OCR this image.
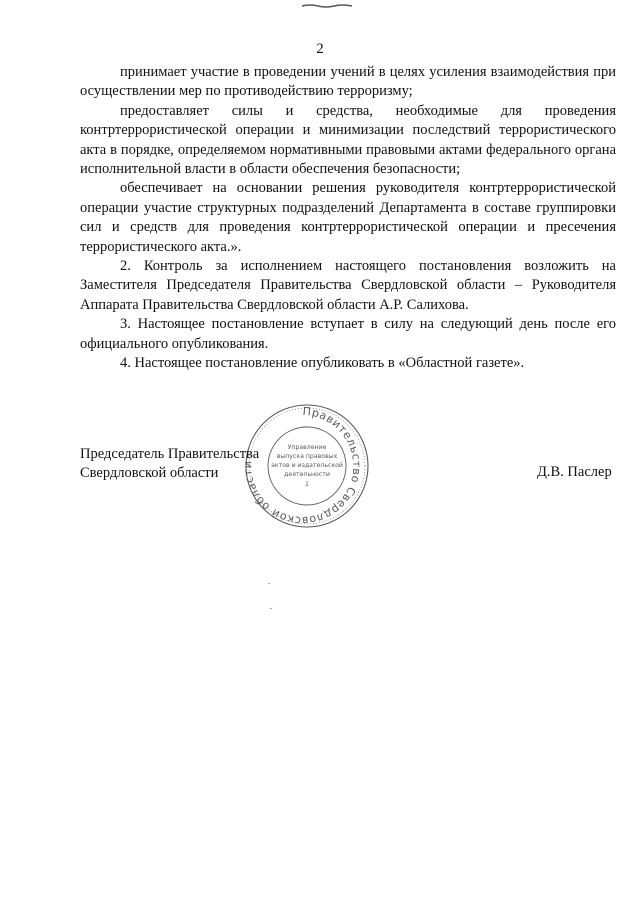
2

принимает участие в проведении учений в целях усиления взаимодействия при осуществлении мер по противодействию терроризму;

предоставляет силы и средства, необходимые для проведения контртеррористической операции и минимизации последствий террористического акта в порядке, определяемом нормативными правовыми актами федерального органа исполнительной власти в области обеспечения безопасности;

обеспечивает на основании решения руководителя контртеррористической операции участие структурных подразделений Департамента в составе группировки сил и средств для проведения контртеррористической операции и пресечения террористического акта.».

2. Контроль за исполнением настоящего постановления возложить на Заместителя Председателя Правительства Свердловской области – Руководителя Аппарата Правительства Свердловской области А.Р. Салихова.

3. Настоящее постановление вступает в силу на следующий день после его официального опубликования.

4. Настоящее постановление опубликовать в «Областной газете».

Правительство Свердловской обла
Управление
выпуска правовых
актов и издательской
деятельности
1
Председатель Правительства
Свердловской области	Д.В. Паслер
